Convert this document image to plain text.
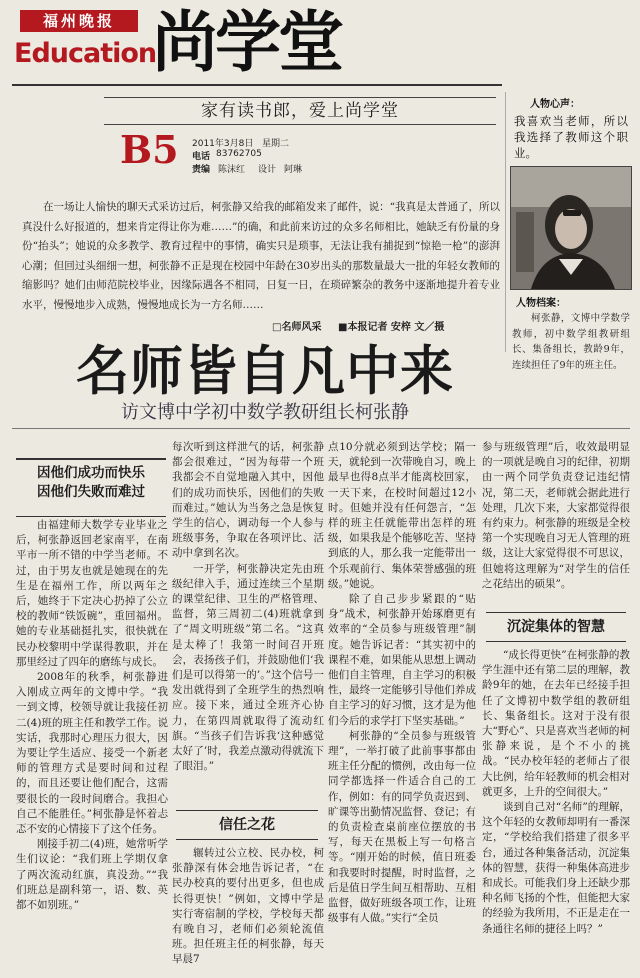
福州晚报
Education
尚学堂
家有读书郎，爱上尚学堂
B5 2011年3月8日 星期二
电话 83762705
责编 陈沫红 设计 阿琳

在一场让人愉快的聊天式采访过后，柯张静又给我的邮箱发来了邮件，说：“我真是太普通了，所以真没什么好报道的，想来肯定得让你为难……”的确，和此前来访过的众多名师相比，她缺乏有份量的身份“抬头”；她说的众多教学、教育过程中的事情，确实只是琐事，无法让我有捕捉到“惊艳一枪”的澎湃心潮；但回过头细细一想，柯张静不正是现在校园中年龄在30岁出头的那数量最大一批的年轻女教师的缩影吗？她们由师范院校毕业，因缘际遇各不相同，日复一日，在琐碎繁杂的教务中逐渐地提升着专业水平，慢慢地步入成熟，慢慢地成长为一方名师……

□名师风采 ■本报记者 安梓 文／摄
人物心声：
我喜欢当老师，所以我选择了教师这个职业。
人物档案：
柯张静，文博中学数学教师，初中数学组教研组长、集备组长，教龄9年，连续担任了9年的班主任。
名师皆自凡中来
访文博中学初中数学教研组长柯张静
因他们成功而快乐
因他们失败而难过

由福建师大数学专业毕业之后，柯张静返回老家南平，在南平市一所不错的中学当老师。不过，由于男友也就是她现在的先生是在福州工作，所以两年之后，她终于下定决心扔掉了公立校的教师“铁饭碗”，重回福州。她的专业基础挺扎实，很快就在民办校黎明中学谋得教职，并在那里经过了四年的磨练与成长。

2008年的秋季，柯张静进入刚成立两年的文博中学。“我一到文博，校领导就让我接任初二(4)班的班主任和教学工作。说实话，我那时心理压力很大，因为要让学生适应、接受一个新老师的管理方式是要时间和过程的，而且还要让他们配合，这需要很长的一段时间磨合。我担心自己不能胜任。”柯张静是怀着忐忑不安的心情接下了这个任务。

刚接手初二(4)班，她常听学生们议论：“我们班上学期仅拿了两次流动红旗，真没劲。”“我们班总是副科第一，语、数、英都不如别班。”

每次听到这样泄气的话，柯张静都会很难过，“因为每带一个班我都会不自觉地融入其中，因他们的成功而快乐，因他们的失败而难过。”她认为当务之急是恢复学生的信心，调动每一个人参与班级事务，争取在各项评比、活动中拿到名次。

一开学，柯张静决定先由班级纪律入手，通过连续三个星期的课堂纪律、卫生的严格管理、监督，第三周初二(4)班就拿到了“周文明班级”第二名。“这真是太棒了！我第一时间召开班会，表扬孩子们，并鼓励他们‘我们是可以得第一的’。”这个信号一发出就得到了全班学生的热烈响应。接下来，通过全班齐心协力，在第四周就取得了流动红旗。“当孩子们告诉我‘这种感觉太好了’时，我差点激动得就流下了眼泪。”

信任之花

辗转过公立校、民办校，柯张静深有体会地告诉记者，“在民办校真的要付出更多，但也成长得更快！”例如，文博中学是实行寄宿制的学校，学校每天都有晚自习，老师们必须轮流值班。担任班主任的柯张静，每天早晨7

点10分就必须到达学校；隔一天，就轮到一次带晚自习，晚上最早也得8点半才能离校回家，一天下来，在校时间超过12小时。但她并没有任何怨言，“怎样的班主任就能带出怎样的班级，如果我是个能够吃苦、坚持到底的人，那么我一定能带出一个乐观前行、集体荣誉感强的班级。”她说。

除了自己步步紧跟的“贴身”战术，柯张静开始琢磨更有效率的“全员参与班级管理”制度。她告诉记者：“其实初中的课程不难，如果能从思想上调动他们自主管理，自主学习的积极性，最终一定能够引导他们养成自主学习的好习惯，这才是为他们今后的求学打下坚实基础。”

柯张静的“全员参与班级管理”，一举打破了此前事事都由班主任分配的惯例，改由每一位同学都选择一件适合自己的工作，例如：有的同学负责迟到、旷课等出勤情况监督、登记；有的负责检查桌前座位摆放的书写，每天在黑板上写一句格言等。“刚开始的时候，值日班委和我要时时提醒，时时监督，之后是值日学生间互相帮助、互相监督，做好班级各项工作，让班级事有人做。”实行“全员

参与班级管理”后，收效最明显的一项就是晚自习的纪律，初期由一两个同学负责登记违纪情况，第二天，老师就会据此进行处理，几次下来，大家都觉得很有约束力。柯张静的班级是全校第一个实现晚自习无人管理的班级，这让大家觉得很不可思议，但她将这理解为“对学生的信任之花结出的硕果”。

沉淀集体的智慧

“成长得更快”在柯张静的教学生涯中还有第二层的理解，教龄9年的她，在去年已经接手担任了文博初中数学组的教研组长、集备组长。这对于没有很大“野心”、只是喜欢当老师的柯张静来说，是个不小的挑战。“民办校年轻的老师占了很大比例，给年轻教师的机会相对就更多，上升的空间很大。”

谈到自己对“名师”的理解，这个年轻的女教师却明有一番深定，“学校给我们搭建了很多平台，通过各种集备活动，沉淀集体的智慧，获得一种集体高进步和成长。可能我们身上还缺少那种名师飞扬的个性，但能把大家的经验为我所用，不正是走在一条通往名师的捷径上吗？”
